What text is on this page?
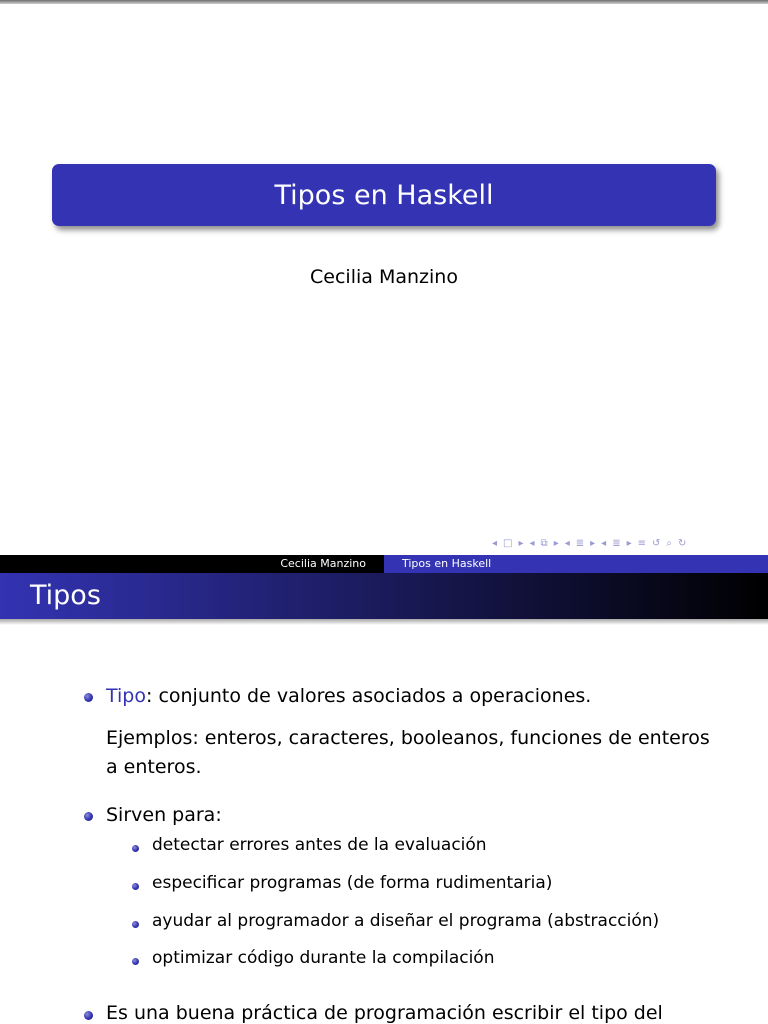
Tipos en Haskell
Cecilia Manzino
◂ □ ▸ ◂ ⧉ ▸ ◂ ≣ ▸ ◂ ≣ ▸ ≡ ↺ ⌕ ↻
Cecilia Manzino	Tipos en Haskell
Tipos
Tipo: conjunto de valores asociados a operaciones.
Ejemplos: enteros, caracteres, booleanos, funciones de enteros
a enteros.
Sirven para:
detectar errores antes de la evaluación
especificar programas (de forma rudimentaria)
ayudar al programador a diseñar el programa (abstracción)
optimizar código durante la compilación
Es una buena práctica de programación escribir el tipo del
